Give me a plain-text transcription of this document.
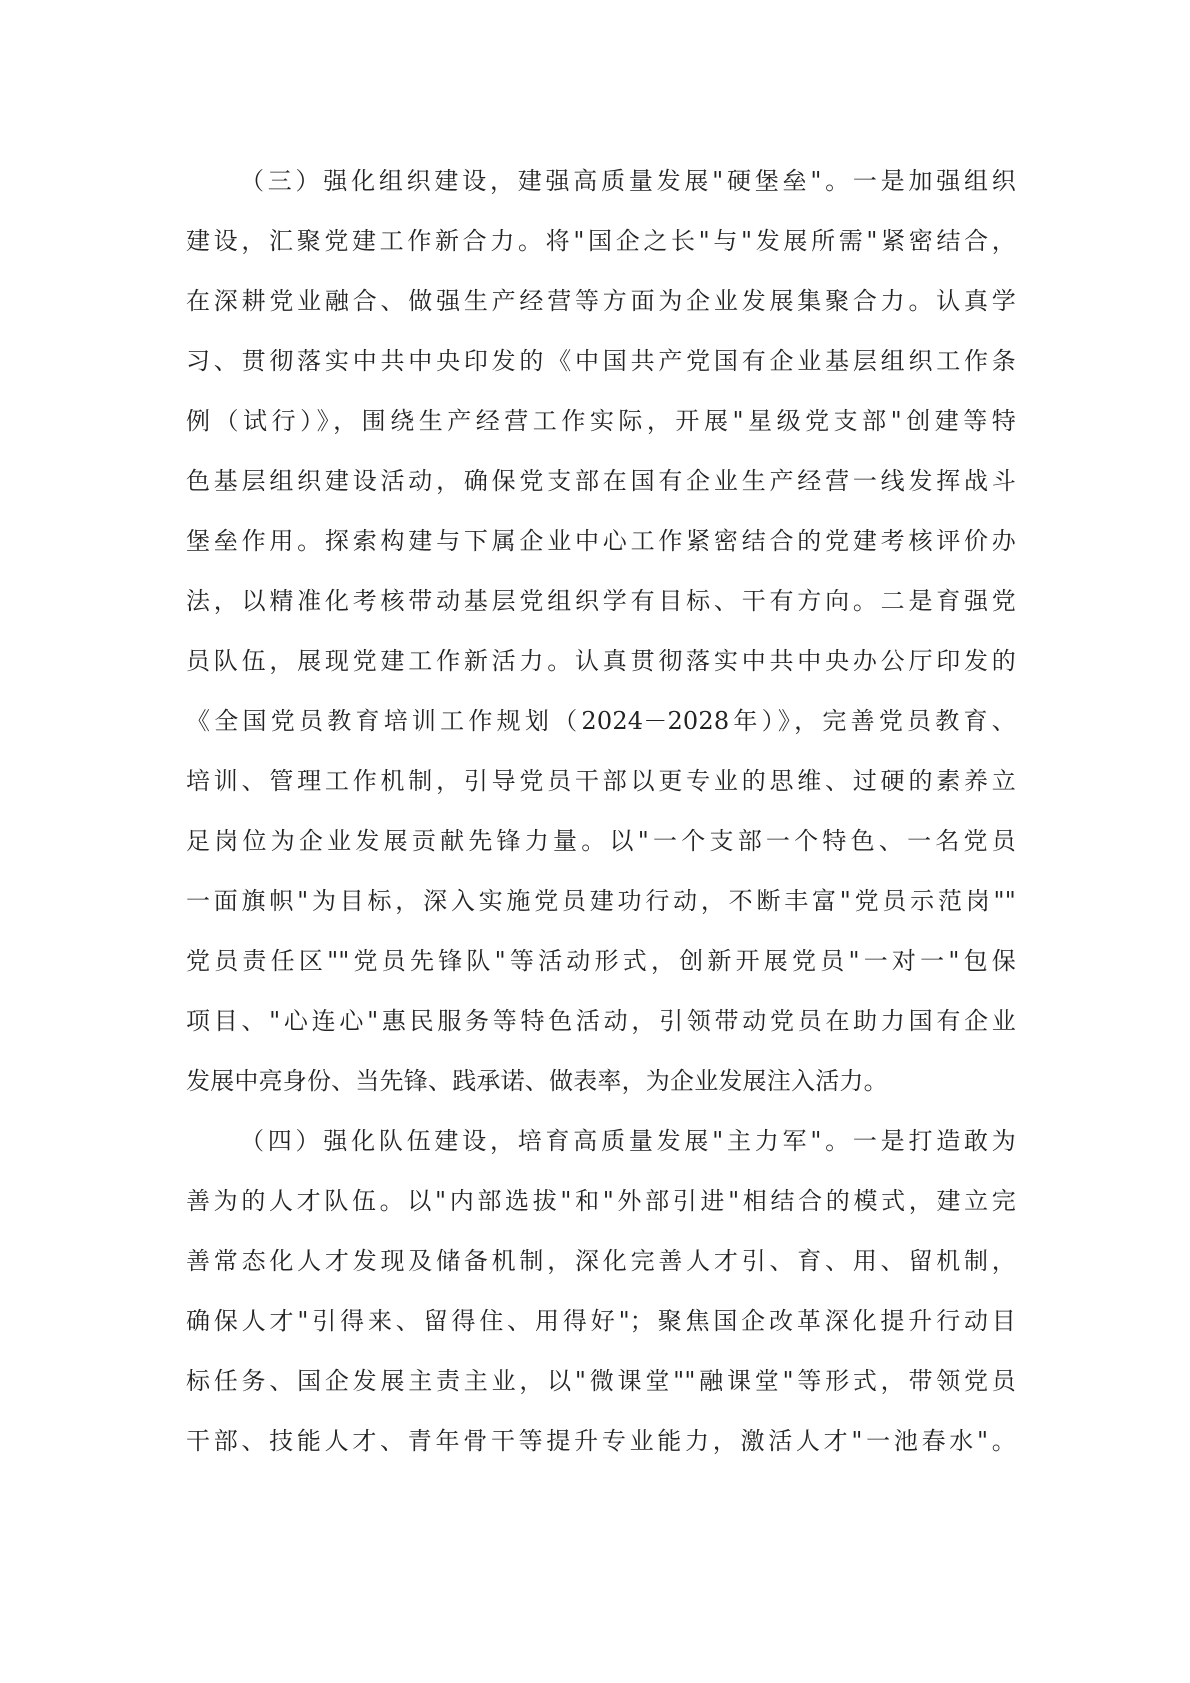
（三）强化组织建设，建强高质量发展"硬堡垒"。一是加强组织
建设，汇聚党建工作新合力。将"国企之长"与"发展所需"紧密结合，
在深耕党业融合、做强生产经营等方面为企业发展集聚合力。认真学
习、贯彻落实中共中央印发的《中国共产党国有企业基层组织工作条
例（试行）》，围绕生产经营工作实际，开展"星级党支部"创建等特
色基层组织建设活动，确保党支部在国有企业生产经营一线发挥战斗
堡垒作用。探索构建与下属企业中心工作紧密结合的党建考核评价办
法，以精准化考核带动基层党组织学有目标、干有方向。二是育强党
员队伍，展现党建工作新活力。认真贯彻落实中共中央办公厅印发的
《全国党员教育培训工作规划（2024－2028年）》，完善党员教育、
培训、管理工作机制，引导党员干部以更专业的思维、过硬的素养立
足岗位为企业发展贡献先锋力量。以"一个支部一个特色、一名党员
一面旗帜"为目标，深入实施党员建功行动，不断丰富"党员示范岗""
党员责任区""党员先锋队"等活动形式，创新开展党员"一对一"包保
项目、"心连心"惠民服务等特色活动，引领带动党员在助力国有企业
发展中亮身份、当先锋、践承诺、做表率，为企业发展注入活力。
（四）强化队伍建设，培育高质量发展"主力军"。一是打造敢为
善为的人才队伍。以"内部选拔"和"外部引进"相结合的模式，建立完
善常态化人才发现及储备机制，深化完善人才引、育、用、留机制，
确保人才"引得来、留得住、用得好"；聚焦国企改革深化提升行动目
标任务、国企发展主责主业，以"微课堂""融课堂"等形式，带领党员
干部、技能人才、青年骨干等提升专业能力，激活人才"一池春水"。
